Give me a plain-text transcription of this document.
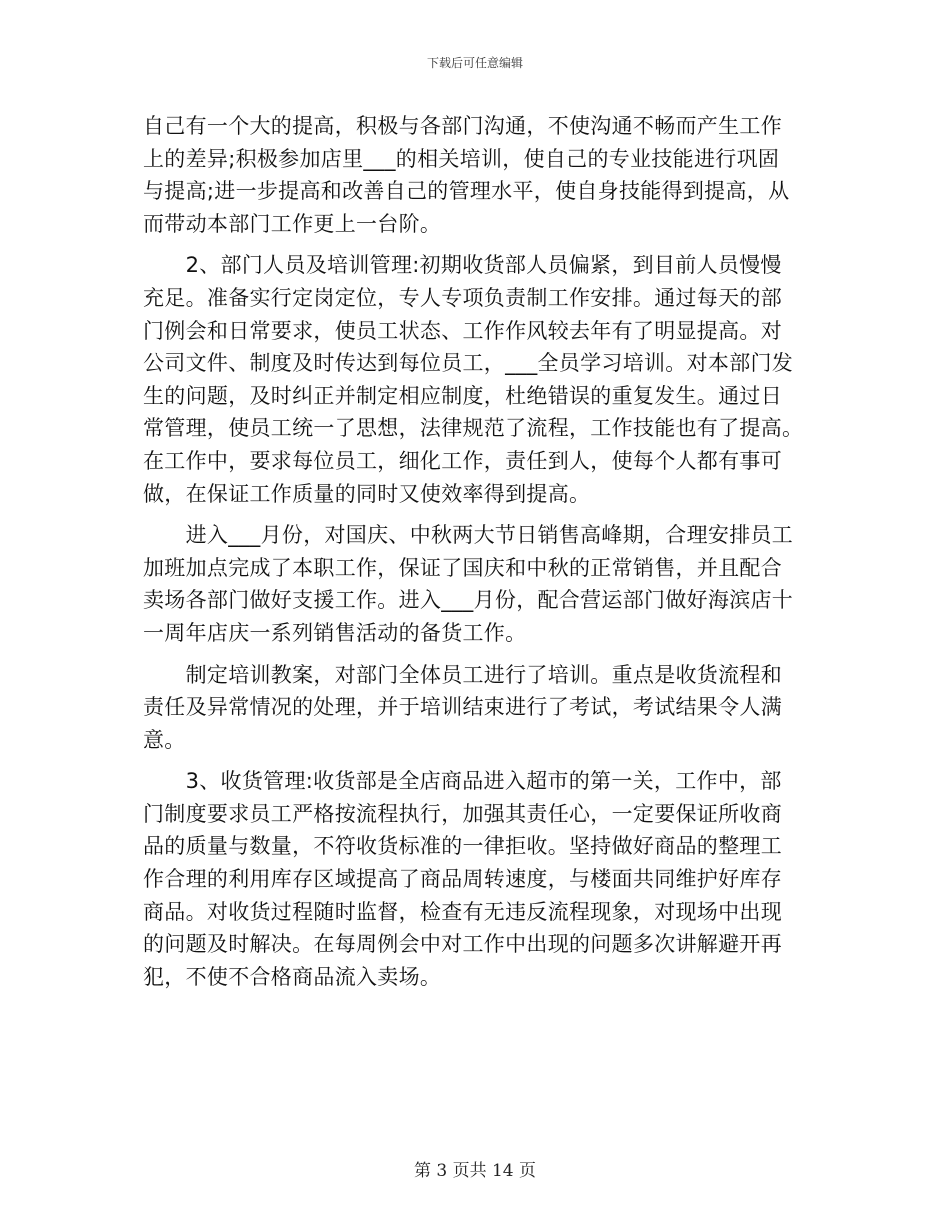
下载后可任意编辑
自己有一个大的提高，积极与各部门沟通，不使沟通不畅而产生工作
上的差异;积极参加店里___的相关培训，使自己的专业技能进行巩固
与提高;进一步提高和改善自己的管理水平，使自身技能得到提高，从
而带动本部门工作更上一台阶。
　　2、部门人员及培训管理:初期收货部人员偏紧，到目前人员慢慢
充足。准备实行定岗定位，专人专项负责制工作安排。通过每天的部
门例会和日常要求，使员工状态、工作作风较去年有了明显提高。对
公司文件、制度及时传达到每位员工，___全员学习培训。对本部门发
生的问题，及时纠正并制定相应制度，杜绝错误的重复发生。通过日
常管理，使员工统一了思想，法律规范了流程，工作技能也有了提高。
在工作中，要求每位员工，细化工作，责任到人，使每个人都有事可
做，在保证工作质量的同时又使效率得到提高。
　　进入___月份，对国庆、中秋两大节日销售高峰期，合理安排员工
加班加点完成了本职工作，保证了国庆和中秋的正常销售，并且配合
卖场各部门做好支援工作。进入___月份，配合营运部门做好海滨店十
一周年店庆一系列销售活动的备货工作。
　　制定培训教案，对部门全体员工进行了培训。重点是收货流程和
责任及异常情况的处理，并于培训结束进行了考试，考试结果令人满
意。
　　3、收货管理:收货部是全店商品进入超市的第一关，工作中，部
门制度要求员工严格按流程执行，加强其责任心，一定要保证所收商
品的质量与数量，不符收货标准的一律拒收。坚持做好商品的整理工
作合理的利用库存区域提高了商品周转速度，与楼面共同维护好库存
商品。对收货过程随时监督，检查有无违反流程现象，对现场中出现
的问题及时解决。在每周例会中对工作中出现的问题多次讲解避开再
犯，不使不合格商品流入卖场。
第 3 页共 14 页
